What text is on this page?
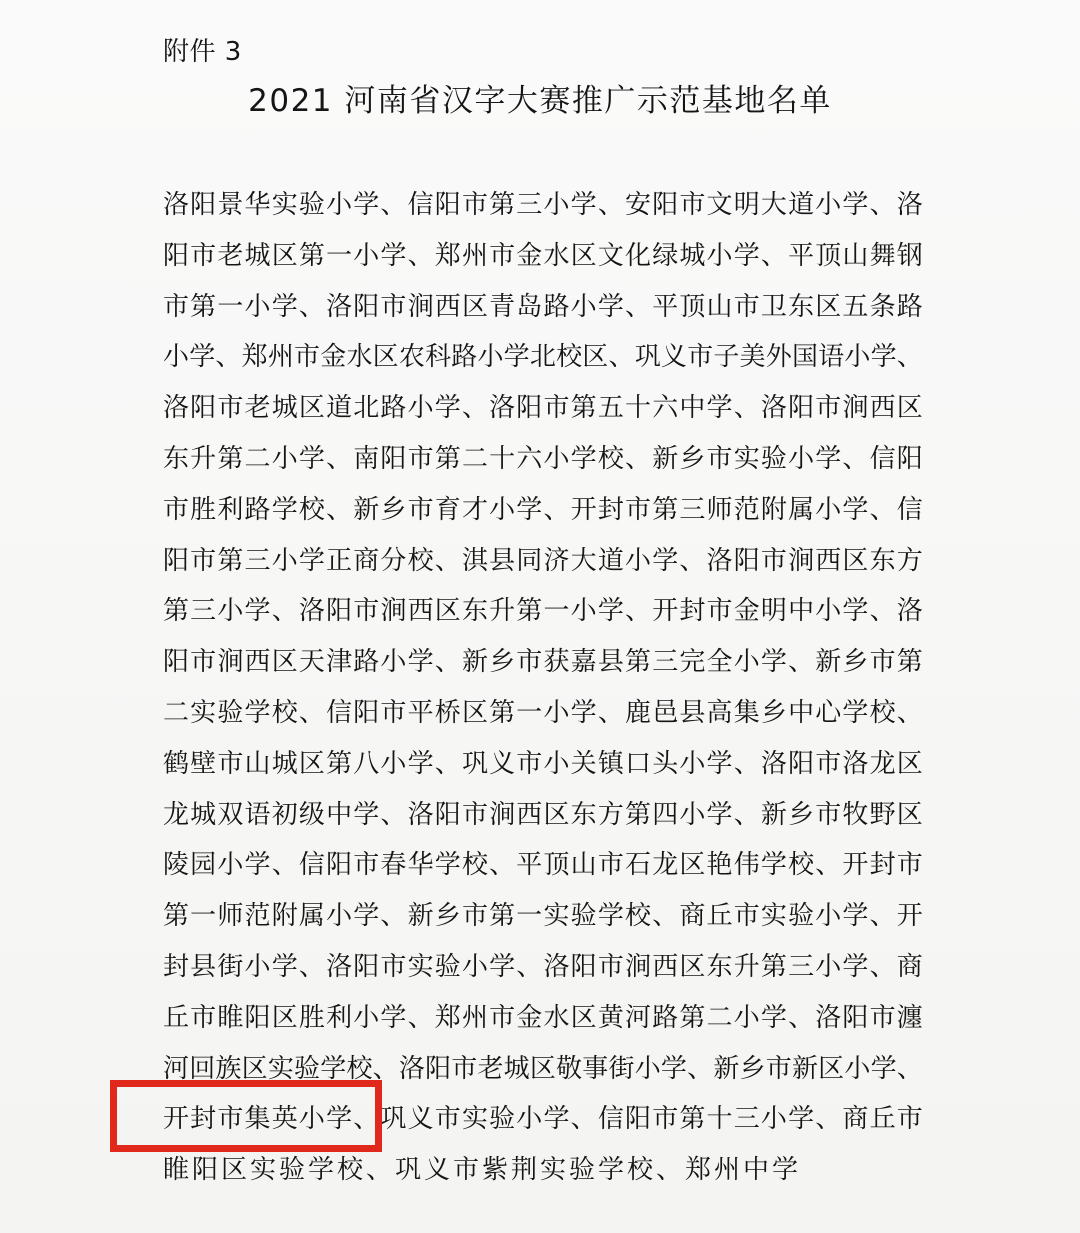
附件 3
2021 河南省汉字大赛推广示范基地名单
洛阳景华实验小学、信阳市第三小学、安阳市文明大道小学、洛
阳市老城区第一小学、郑州市金水区文化绿城小学、平顶山舞钢
市第一小学、洛阳市涧西区青岛路小学、平顶山市卫东区五条路
小学、郑州市金水区农科路小学北校区、巩义市子美外国语小学、
洛阳市老城区道北路小学、洛阳市第五十六中学、洛阳市涧西区
东升第二小学、南阳市第二十六小学校、新乡市实验小学、信阳
市胜利路学校、新乡市育才小学、开封市第三师范附属小学、信
阳市第三小学正商分校、淇县同济大道小学、洛阳市涧西区东方
第三小学、洛阳市涧西区东升第一小学、开封市金明中小学、洛
阳市涧西区天津路小学、新乡市获嘉县第三完全小学、新乡市第
二实验学校、信阳市平桥区第一小学、鹿邑县高集乡中心学校、
鹤壁市山城区第八小学、巩义市小关镇口头小学、洛阳市洛龙区
龙城双语初级中学、洛阳市涧西区东方第四小学、新乡市牧野区
陵园小学、信阳市春华学校、平顶山市石龙区艳伟学校、开封市
第一师范附属小学、新乡市第一实验学校、商丘市实验小学、开
封县街小学、洛阳市实验小学、洛阳市涧西区东升第三小学、商
丘市睢阳区胜利小学、郑州市金水区黄河路第二小学、洛阳市瀍
河回族区实验学校、洛阳市老城区敬事街小学、新乡市新区小学、
开封市集英小学、巩义市实验小学、信阳市第十三小学、商丘市
睢阳区实验学校、巩义市紫荆实验学校、郑州中学
